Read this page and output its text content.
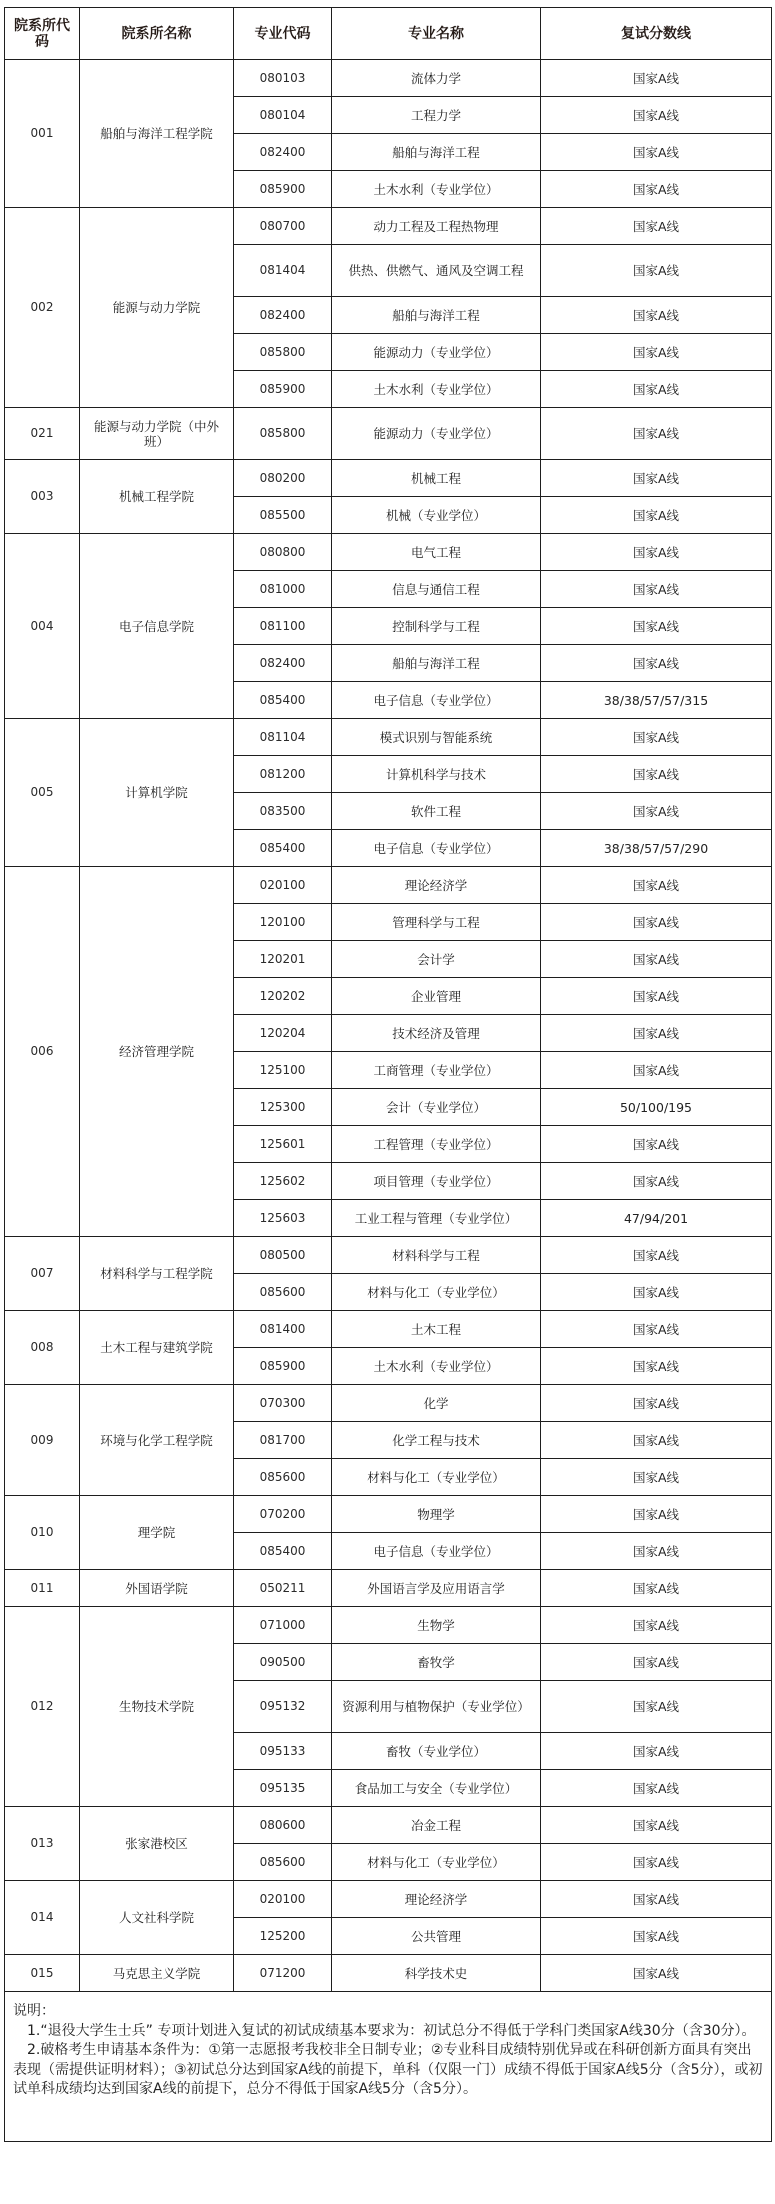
院系所代码	院系所名称	专业代码	专业名称	复试分数线
001	船舶与海洋工程学院	080103	流体力学	国家A线
		080104	工程力学	国家A线
		082400	船舶与海洋工程	国家A线
		085900	土木水利（专业学位）	国家A线
002	能源与动力学院	080700	动力工程及工程热物理	国家A线
		081404	供热、供燃气、通风及空调工程	国家A线
		082400	船舶与海洋工程	国家A线
		085800	能源动力（专业学位）	国家A线
		085900	土木水利（专业学位）	国家A线
021	能源与动力学院（中外班）	085800	能源动力（专业学位）	国家A线
003	机械工程学院	080200	机械工程	国家A线
		085500	机械（专业学位）	国家A线
004	电子信息学院	080800	电气工程	国家A线
		081000	信息与通信工程	国家A线
		081100	控制科学与工程	国家A线
		082400	船舶与海洋工程	国家A线
		085400	电子信息（专业学位）	38/38/57/57/315
005	计算机学院	081104	模式识别与智能系统	国家A线
		081200	计算机科学与技术	国家A线
		083500	软件工程	国家A线
		085400	电子信息（专业学位）	38/38/57/57/290
006	经济管理学院	020100	理论经济学	国家A线
		120100	管理科学与工程	国家A线
		120201	会计学	国家A线
		120202	企业管理	国家A线
		120204	技术经济及管理	国家A线
		125100	工商管理（专业学位）	国家A线
		125300	会计（专业学位）	50/100/195
		125601	工程管理（专业学位）	国家A线
		125602	项目管理（专业学位）	国家A线
		125603	工业工程与管理（专业学位）	47/94/201
007	材料科学与工程学院	080500	材料科学与工程	国家A线
		085600	材料与化工（专业学位）	国家A线
008	土木工程与建筑学院	081400	土木工程	国家A线
		085900	土木水利（专业学位）	国家A线
009	环境与化学工程学院	070300	化学	国家A线
		081700	化学工程与技术	国家A线
		085600	材料与化工（专业学位）	国家A线
010	理学院	070200	物理学	国家A线
		085400	电子信息（专业学位）	国家A线
011	外国语学院	050211	外国语言学及应用语言学	国家A线
012	生物技术学院	071000	生物学	国家A线
		090500	畜牧学	国家A线
		095132	资源利用与植物保护（专业学位）	国家A线
		095133	畜牧（专业学位）	国家A线
		095135	食品加工与安全（专业学位）	国家A线
013	张家港校区	080600	冶金工程	国家A线
		085600	材料与化工（专业学位）	国家A线
014	人文社科学院	020100	理论经济学	国家A线
		125200	公共管理	国家A线
015	马克思主义学院	071200	科学技术史	国家A线

说明：
1.“退役大学生士兵” 专项计划进入复试的初试成绩基本要求为：初试总分不得低于学科门类国家A线30分（含30分）。
2.破格考生申请基本条件为：①第一志愿报考我校非全日制专业；②专业科目成绩特别优异或在科研创新方面具有突出表现（需提供证明材料）；③初试总分达到国家A线的前提下，单科（仅限一门）成绩不得低于国家A线5分（含5分），或初试单科成绩均达到国家A线的前提下，总分不得低于国家A线5分（含5分）。				
